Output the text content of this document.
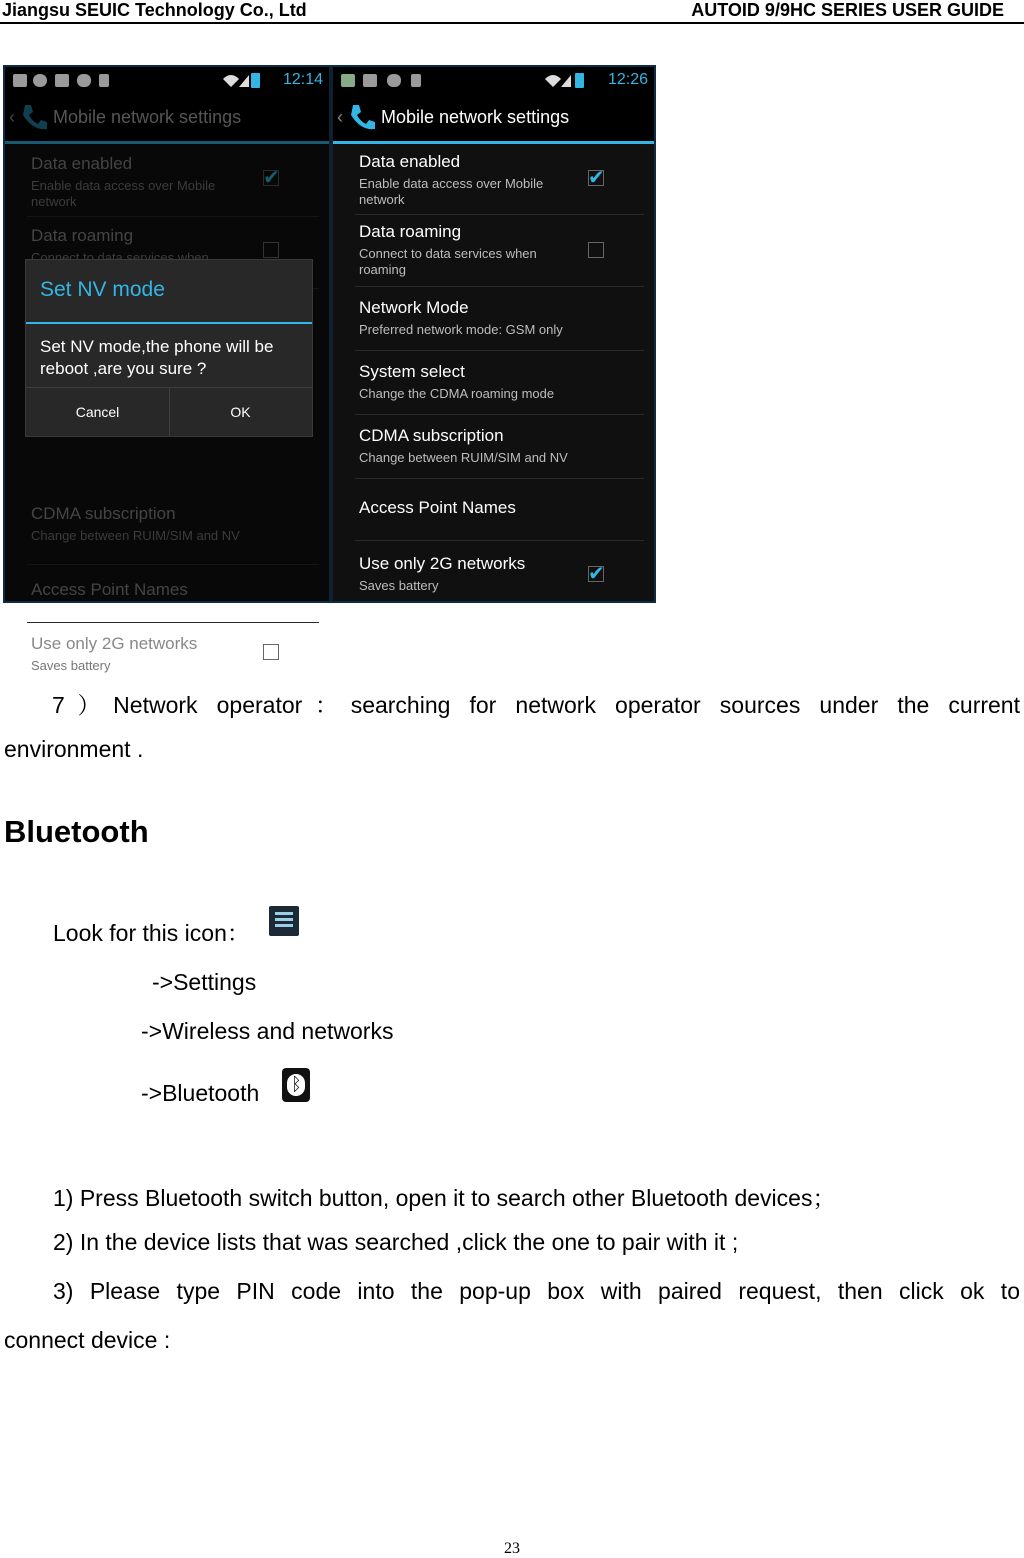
Jiangsu SEUIC Technology Co., Ltd	AUTOID 9/9HC SERIES USER GUIDE
12:14
✔
Use only 2G networks
Saves battery
Set NV mode
Set NV mode,the phone will be reboot ,are you sure ?
Cancel	OK
12:26
‹ Mobile network settings
Data enabled
Enable data access over Mobile network
✔
Data roaming
Connect to data services when roaming
Network Mode
Preferred network mode: GSM only
System select
Change the CDMA roaming mode
CDMA subscription
Change between RUIM/SIM and NV
Access Point Names
Use only 2G networks
Saves battery
✔
7）Network operator：searching for network operator sources under the current
environment .
Bluetooth
Look for this icon：
->Settings
->Wireless and networks
->Bluetooth
ᛒ
1) Press Bluetooth switch button, open it to search other Bluetooth devices；
2) In the device lists that was searched ,click the one to pair with it ;
3) Please type PIN code into the pop-up box with paired request, then click ok to
connect device :
23
